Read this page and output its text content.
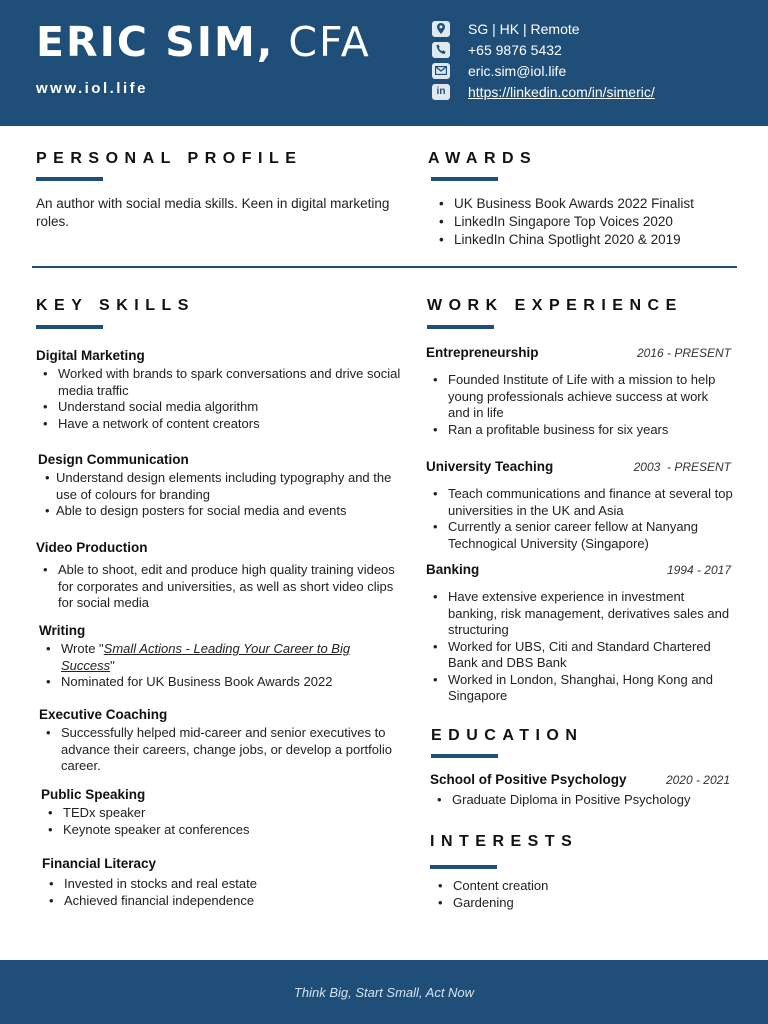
ERIC SIM, CFA
www.iol.life
SG | HK | Remote
+65 9876 5432
eric.sim@iol.life
in	https://linkedin.com/in/simeric/
PERSONAL PROFILE
An author with social media skills. Keen in digital marketing roles.
AWARDS
• UK Business Book Awards 2022 Finalist
• LinkedIn Singapore Top Voices 2020
• LinkedIn China Spotlight 2020 & 2019
KEY SKILLS
Digital Marketing
• Worked with brands to spark conversations and drive social media traffic
• Understand social media algorithm
• Have a network of content creators
Design Communication
• Understand design elements including typography and the use of colours for branding
• Able to design posters for social media and events
Video Production
• Able to shoot, edit and produce high quality training videos for corporates and universities, as well as short video clips for social media
Writing
• Wrote "Small Actions - Leading Your Career to Big Success"
• Nominated for UK Business Book Awards 2022
Executive Coaching
• Successfully helped mid-career and senior executives to advance their careers, change jobs, or develop a portfolio career.
Public Speaking
• TEDx speaker
• Keynote speaker at conferences
Financial Literacy
• Invested in stocks and real estate
• Achieved financial independence
WORK EXPERIENCE
Entrepreneurship	2016 - PRESENT
• Founded Institute of Life with a mission to help young professionals achieve success at work and in life
• Ran a profitable business for six years
University Teaching	2003  - PRESENT
• Teach communications and finance at several top universities in the UK and Asia
• Currently a senior career fellow at Nanyang Technogical University (Singapore)
Banking	1994 - 2017
• Have extensive experience in investment banking, risk management, derivatives sales and structuring
• Worked for UBS, Citi and Standard Chartered Bank and DBS Bank
• Worked in London, Shanghai, Hong Kong and Singapore
EDUCATION
School of Positive Psychology	2020 - 2021
• Graduate Diploma in Positive Psychology
INTERESTS
• Content creation
• Gardening
Think Big, Start Small, Act Now
